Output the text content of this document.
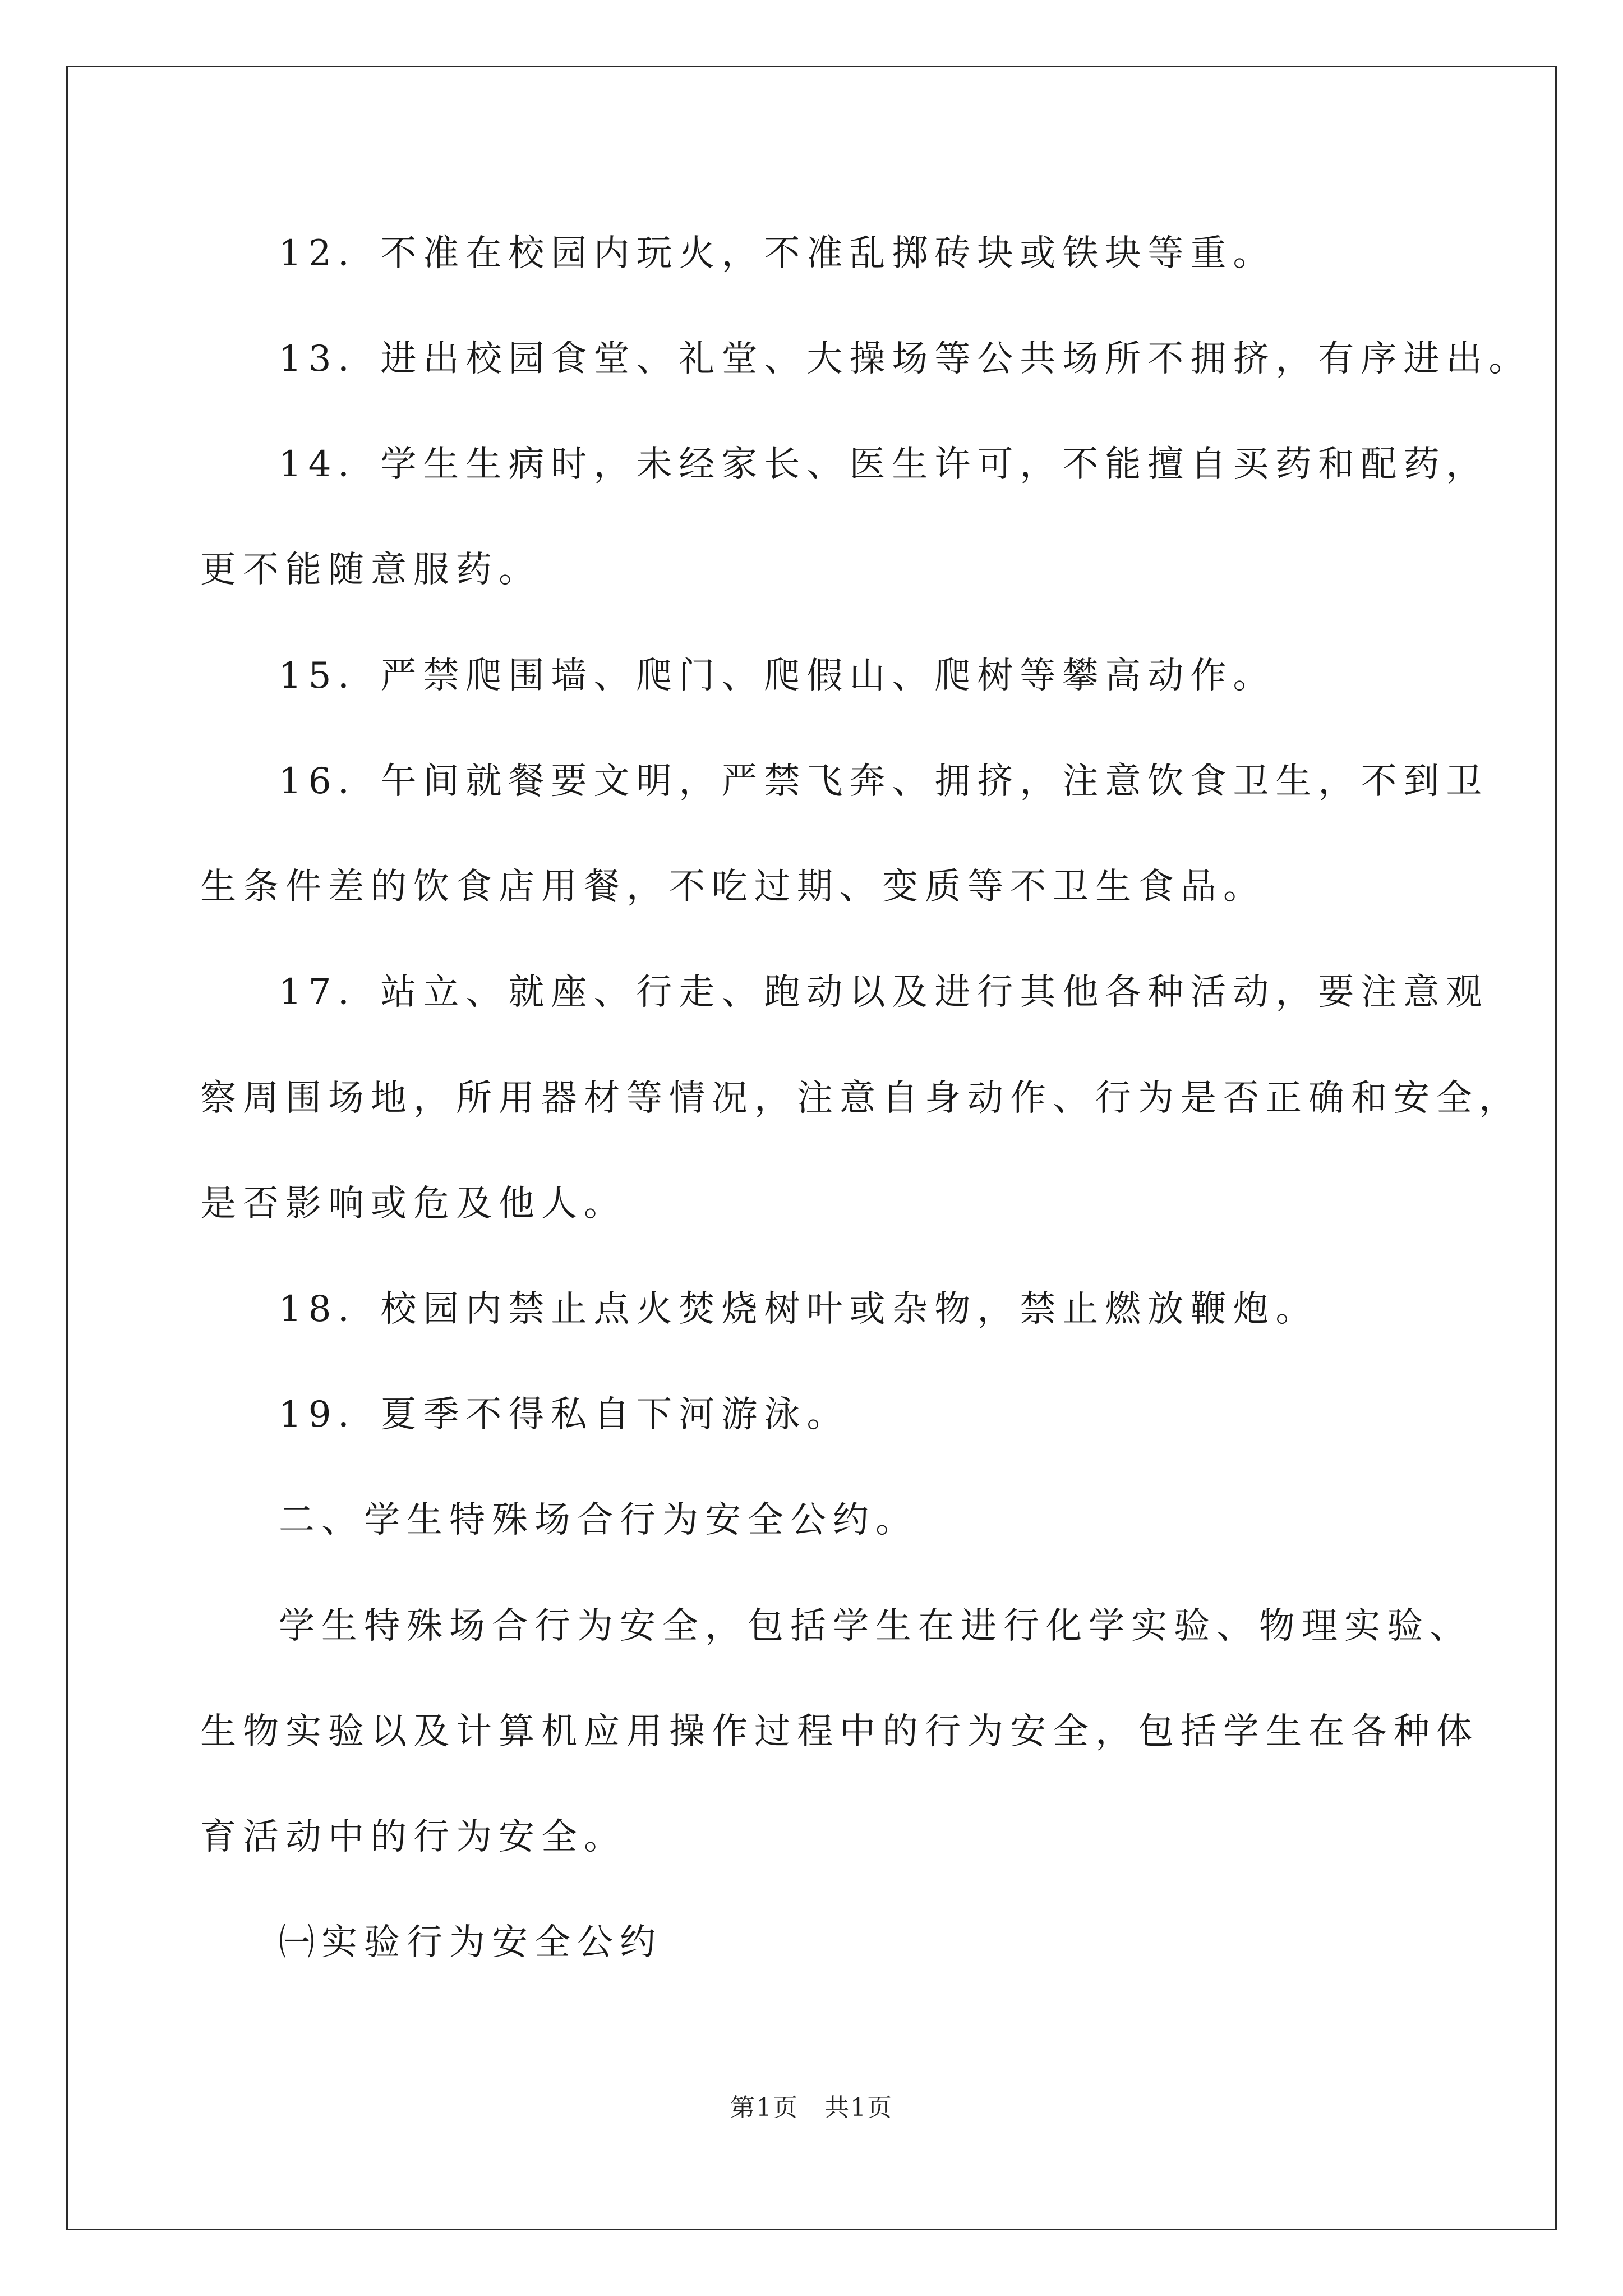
12．不准在校园内玩火，不准乱掷砖块或铁块等重。
13．进出校园食堂、礼堂、大操场等公共场所不拥挤，有序进出。
14．学生生病时，未经家长、医生许可，不能擅自买药和配药，
更不能随意服药。
15．严禁爬围墙、爬门、爬假山、爬树等攀高动作。
16．午间就餐要文明，严禁飞奔、拥挤，注意饮食卫生，不到卫
生条件差的饮食店用餐，不吃过期、变质等不卫生食品。
17．站立、就座、行走、跑动以及进行其他各种活动，要注意观
察周围场地，所用器材等情况，注意自身动作、行为是否正确和安全，
是否影响或危及他人。
18．校园内禁止点火焚烧树叶或杂物，禁止燃放鞭炮。
19．夏季不得私自下河游泳。
二、学生特殊场合行为安全公约。
学生特殊场合行为安全，包括学生在进行化学实验、物理实验、
生物实验以及计算机应用操作过程中的行为安全，包括学生在各种体
育活动中的行为安全。
㈠实验行为安全公约
第1页　共1页
